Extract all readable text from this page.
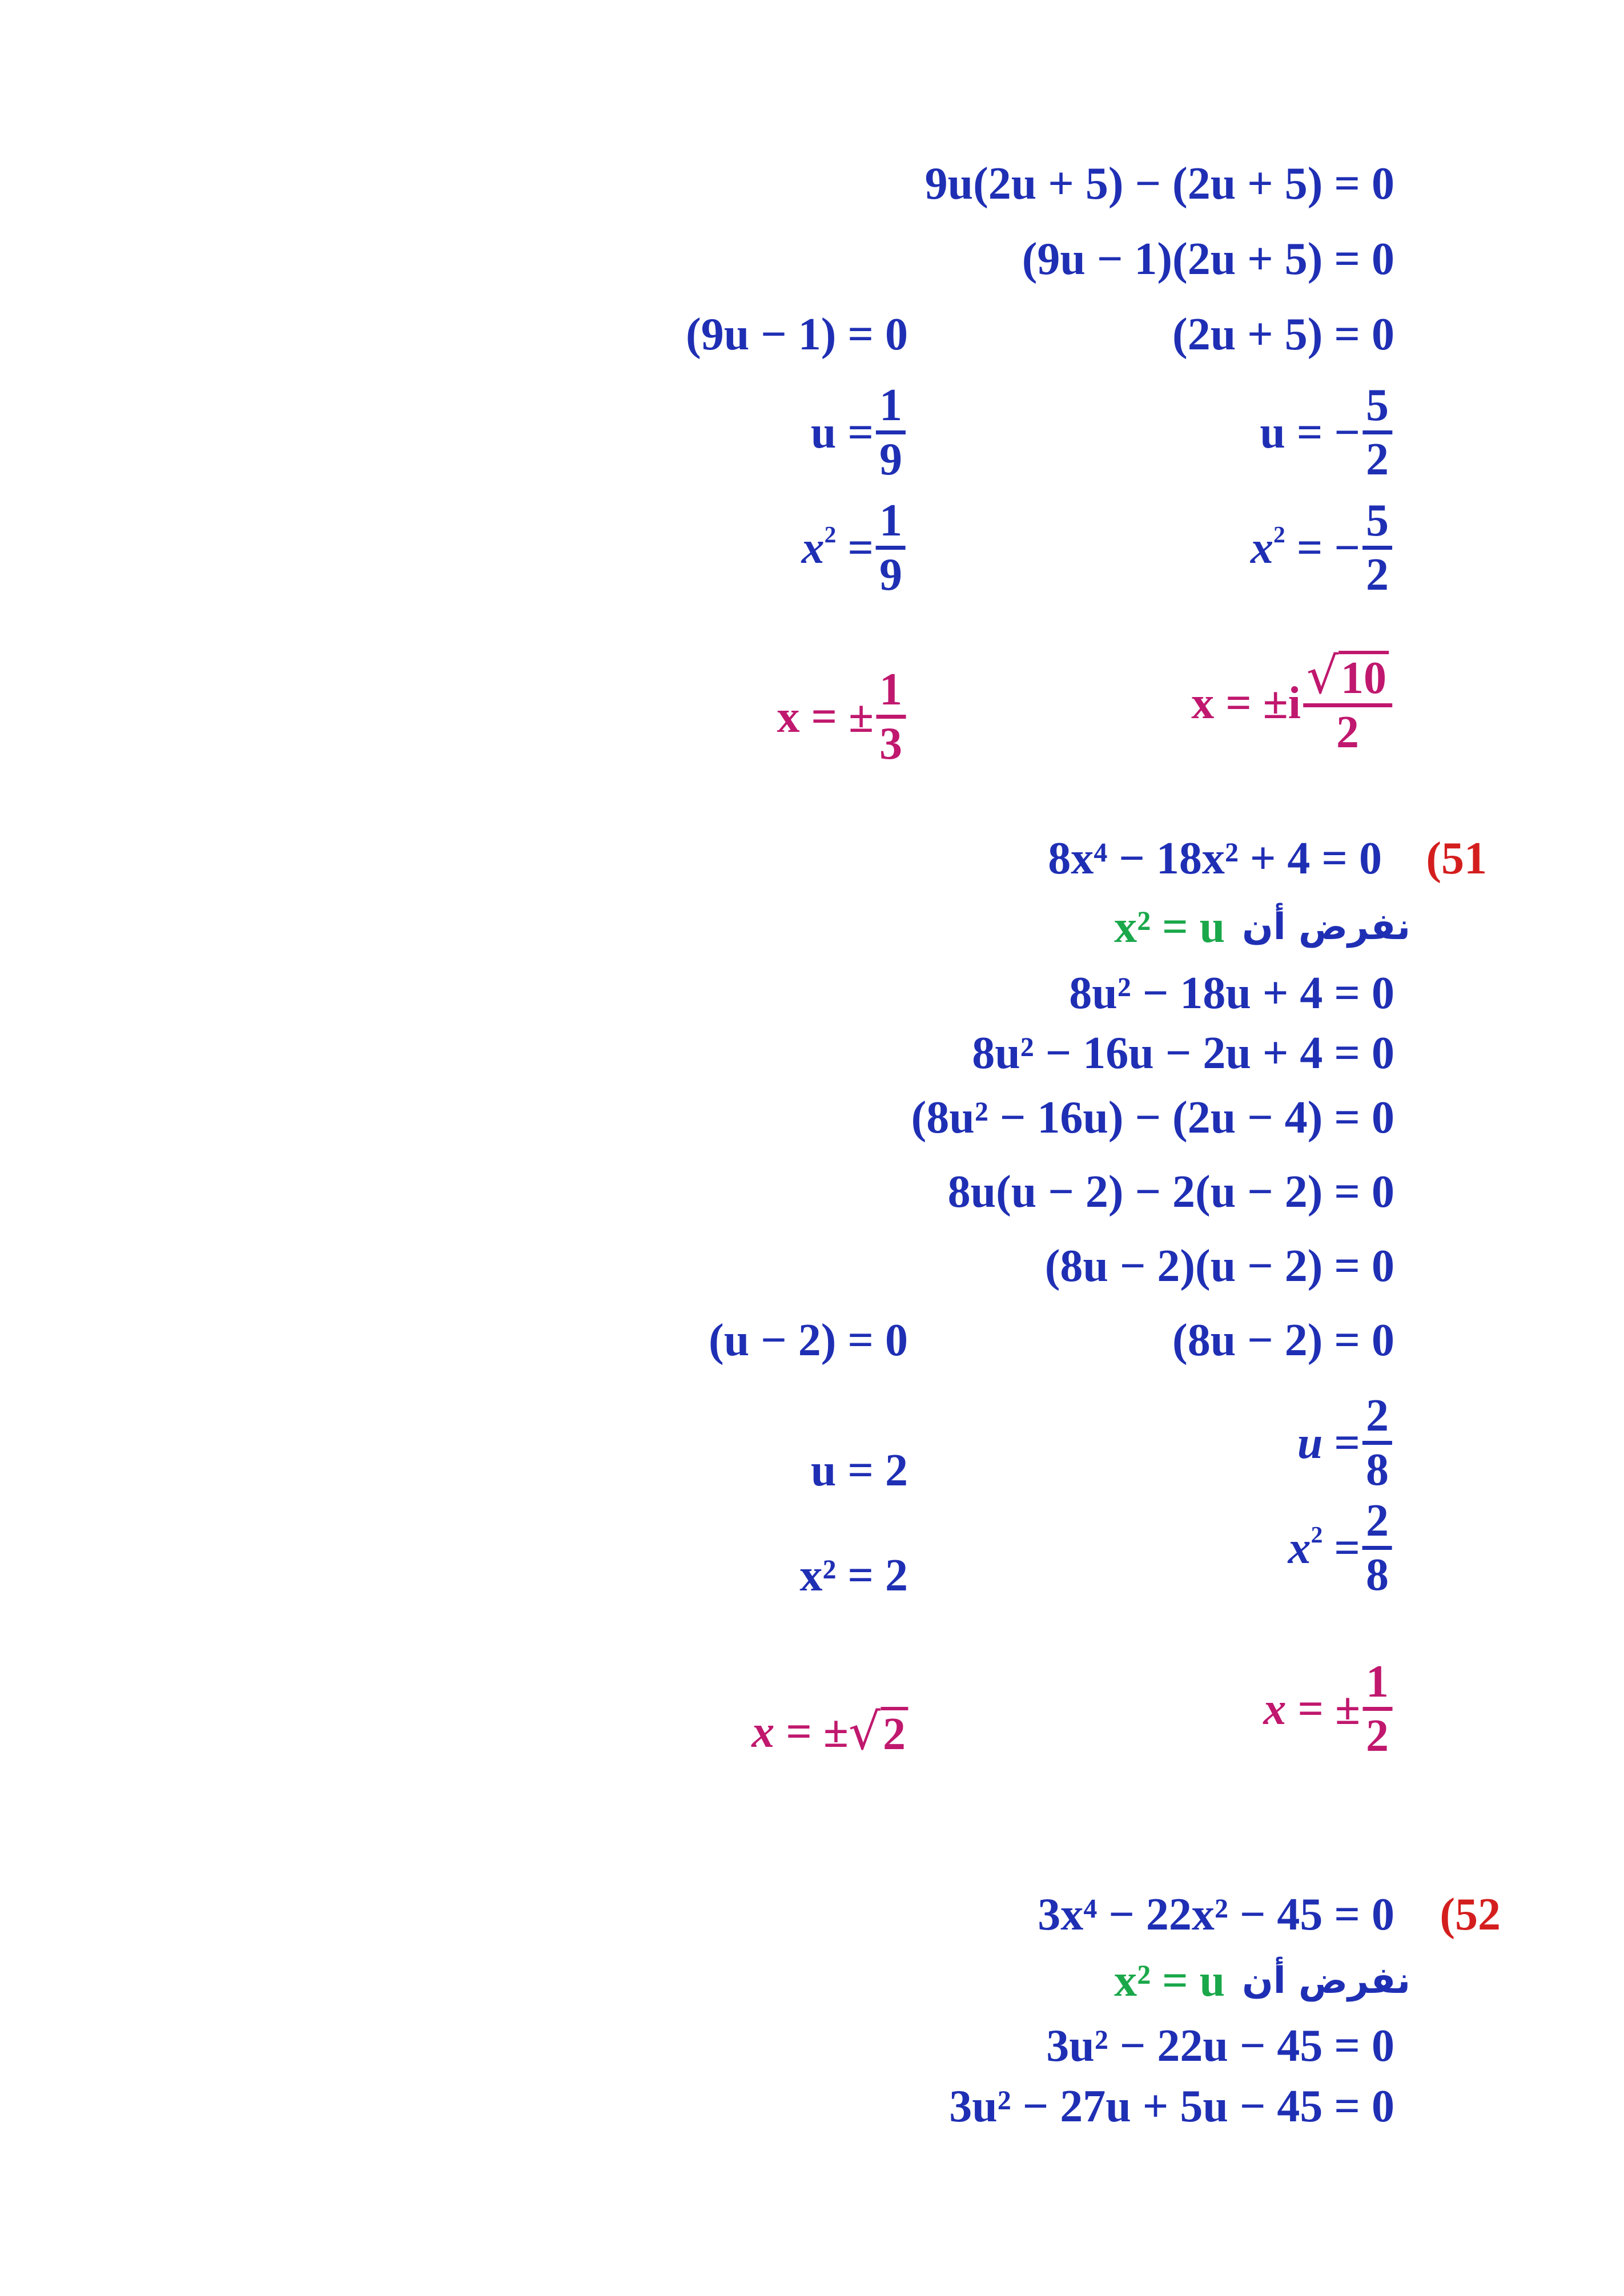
9u(2u + 5) − (2u + 5) = 0
(9u − 1)(2u + 5) = 0
(2u + 5) = 0
(9u − 1) = 0
u = − $\frac{5}{2}$
$u = \frac{1}{9}$
$x^2$ = − $\frac{5}{2}$
$x^2 = \frac{1}{9}$
$x = \pm i \frac{√ 10}{2}$
x = ± $\frac{1}{3}$
(51
8x⁴ − 18x² + 4 = 0
x² = u نفرض أن
8u² − 18u + 4 = 0
8u² − 16u − 2u + 4 = 0
(8u² − 16u) − (2u − 4) = 0
8u(u − 2) − 2(u − 2) = 0
(8u − 2)(u − 2) = 0
(8u − 2) = 0
(u − 2) = 0
$u = \frac{2}{8}$
u = 2
$x^2 = \frac{2}{8}$
x² = 2
x = ± $\frac{1}{2}$
x = ± √ 2
(52
3x⁴ − 22x² − 45 = 0
x² = u نفرض أن
3u² − 22u − 45 = 0
3u² − 27u + 5u − 45 = 0
